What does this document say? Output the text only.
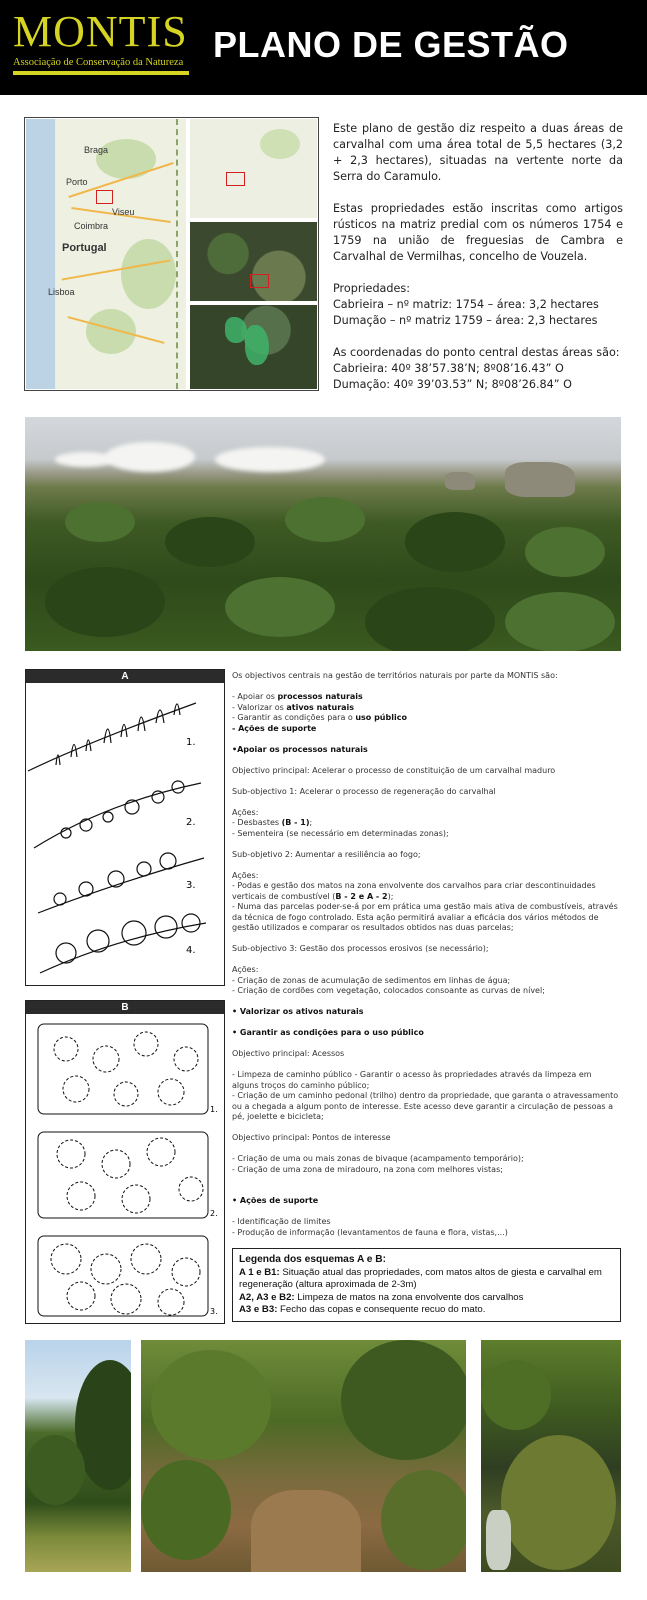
MONTIS
Associação de Conservação da Natureza PLANO DE GESTÃO
Braga
Porto
Viseu
Coimbra
Portugal
Lisboa

Este plano de gestão diz respeito a duas áreas de carvalhal com uma área total de 5,5 hectares (3,2 + 2,3 hectares), situadas na vertente norte da Serra do Caramulo.

Estas propriedades estão inscritas como artigos rústicos na matriz predial com os números 1754 e 1759 na união de freguesias de Cambra e Carvalhal de Vermilhas, concelho de Vouzela.

Propriedades:

Cabrieira – nº matriz: 1754 – área: 3,2 hectares

Dumação – nº matriz 1759 – área: 2,3 hectares

As coordenadas do ponto central destas áreas são:

Cabrieira: 40º 38’57.38’N; 8º08’16.43” O

Dumação: 40º 39’03.53” N; 8º08’26.84” O

A
1.
2.
3.
4.
B
1.
2.
3.
Os objectivos centrais na gestão de territórios naturais por parte da MONTIS são:
- Apoiar os processos naturais
- Valorizar os ativos naturais
- Garantir as condições para o uso público
- Ações de suporte
•Apoiar os processos naturais
Objectivo principal: Acelerar o processo de constituição de um carvalhal maduro
Sub-objectivo 1: Acelerar o processo de regeneração do carvalhal
Ações:
- Desbastes (B - 1);
- Sementeira (se necessário em determinadas zonas);
Sub-objetivo 2: Aumentar a resiliência ao fogo;
Ações:
- Podas e gestão dos matos na zona envolvente dos carvalhos para criar descontinuidades verticais de combustível (B - 2 e A - 2);
- Numa das parcelas poder-se-á por em prática uma gestão mais ativa de combustíveis, através da técnica de fogo controlado. Esta ação permitirá avaliar a eficácia dos vários métodos de gestão utilizados e comparar os resultados obtidos nas duas parcelas;
Sub-objectivo 3: Gestão dos processos erosivos (se necessário);
Ações:
- Criação de zonas de acumulação de sedimentos em linhas de água;
- Criação de cordões com vegetação, colocados consoante as curvas de nível;
• Valorizar os ativos naturais
• Garantir as condições para o uso público
Objectivo principal: Acessos
- Limpeza de caminho público - Garantir o acesso às propriedades através da limpeza em alguns troços do caminho público;
- Criação de um caminho pedonal (trilho) dentro da propriedade, que garanta o atravessamento ou a chegada a algum ponto de interesse. Este acesso deve garantir a circulação de pessoas a pé, joelette e bicicleta;
Objectivo principal: Pontos de interesse
- Criação de uma ou mais zonas de bivaque (acampamento temporário);
- Criação de uma zona de miradouro, na zona com melhores vistas;
• Ações de suporte
- Identificação de limites
- Produção de informação (levantamentos de fauna e flora, vistas,...)
Legenda dos esquemas A e B:
A 1 e B1: Situação atual das propriedades, com matos altos de giesta e carvalhal em regeneração (altura aproximada de 2-3m)
A2, A3 e B2: Limpeza de matos na zona envolvente dos carvalhos
A3 e B3: Fecho das copas e consequente recuo do mato.
